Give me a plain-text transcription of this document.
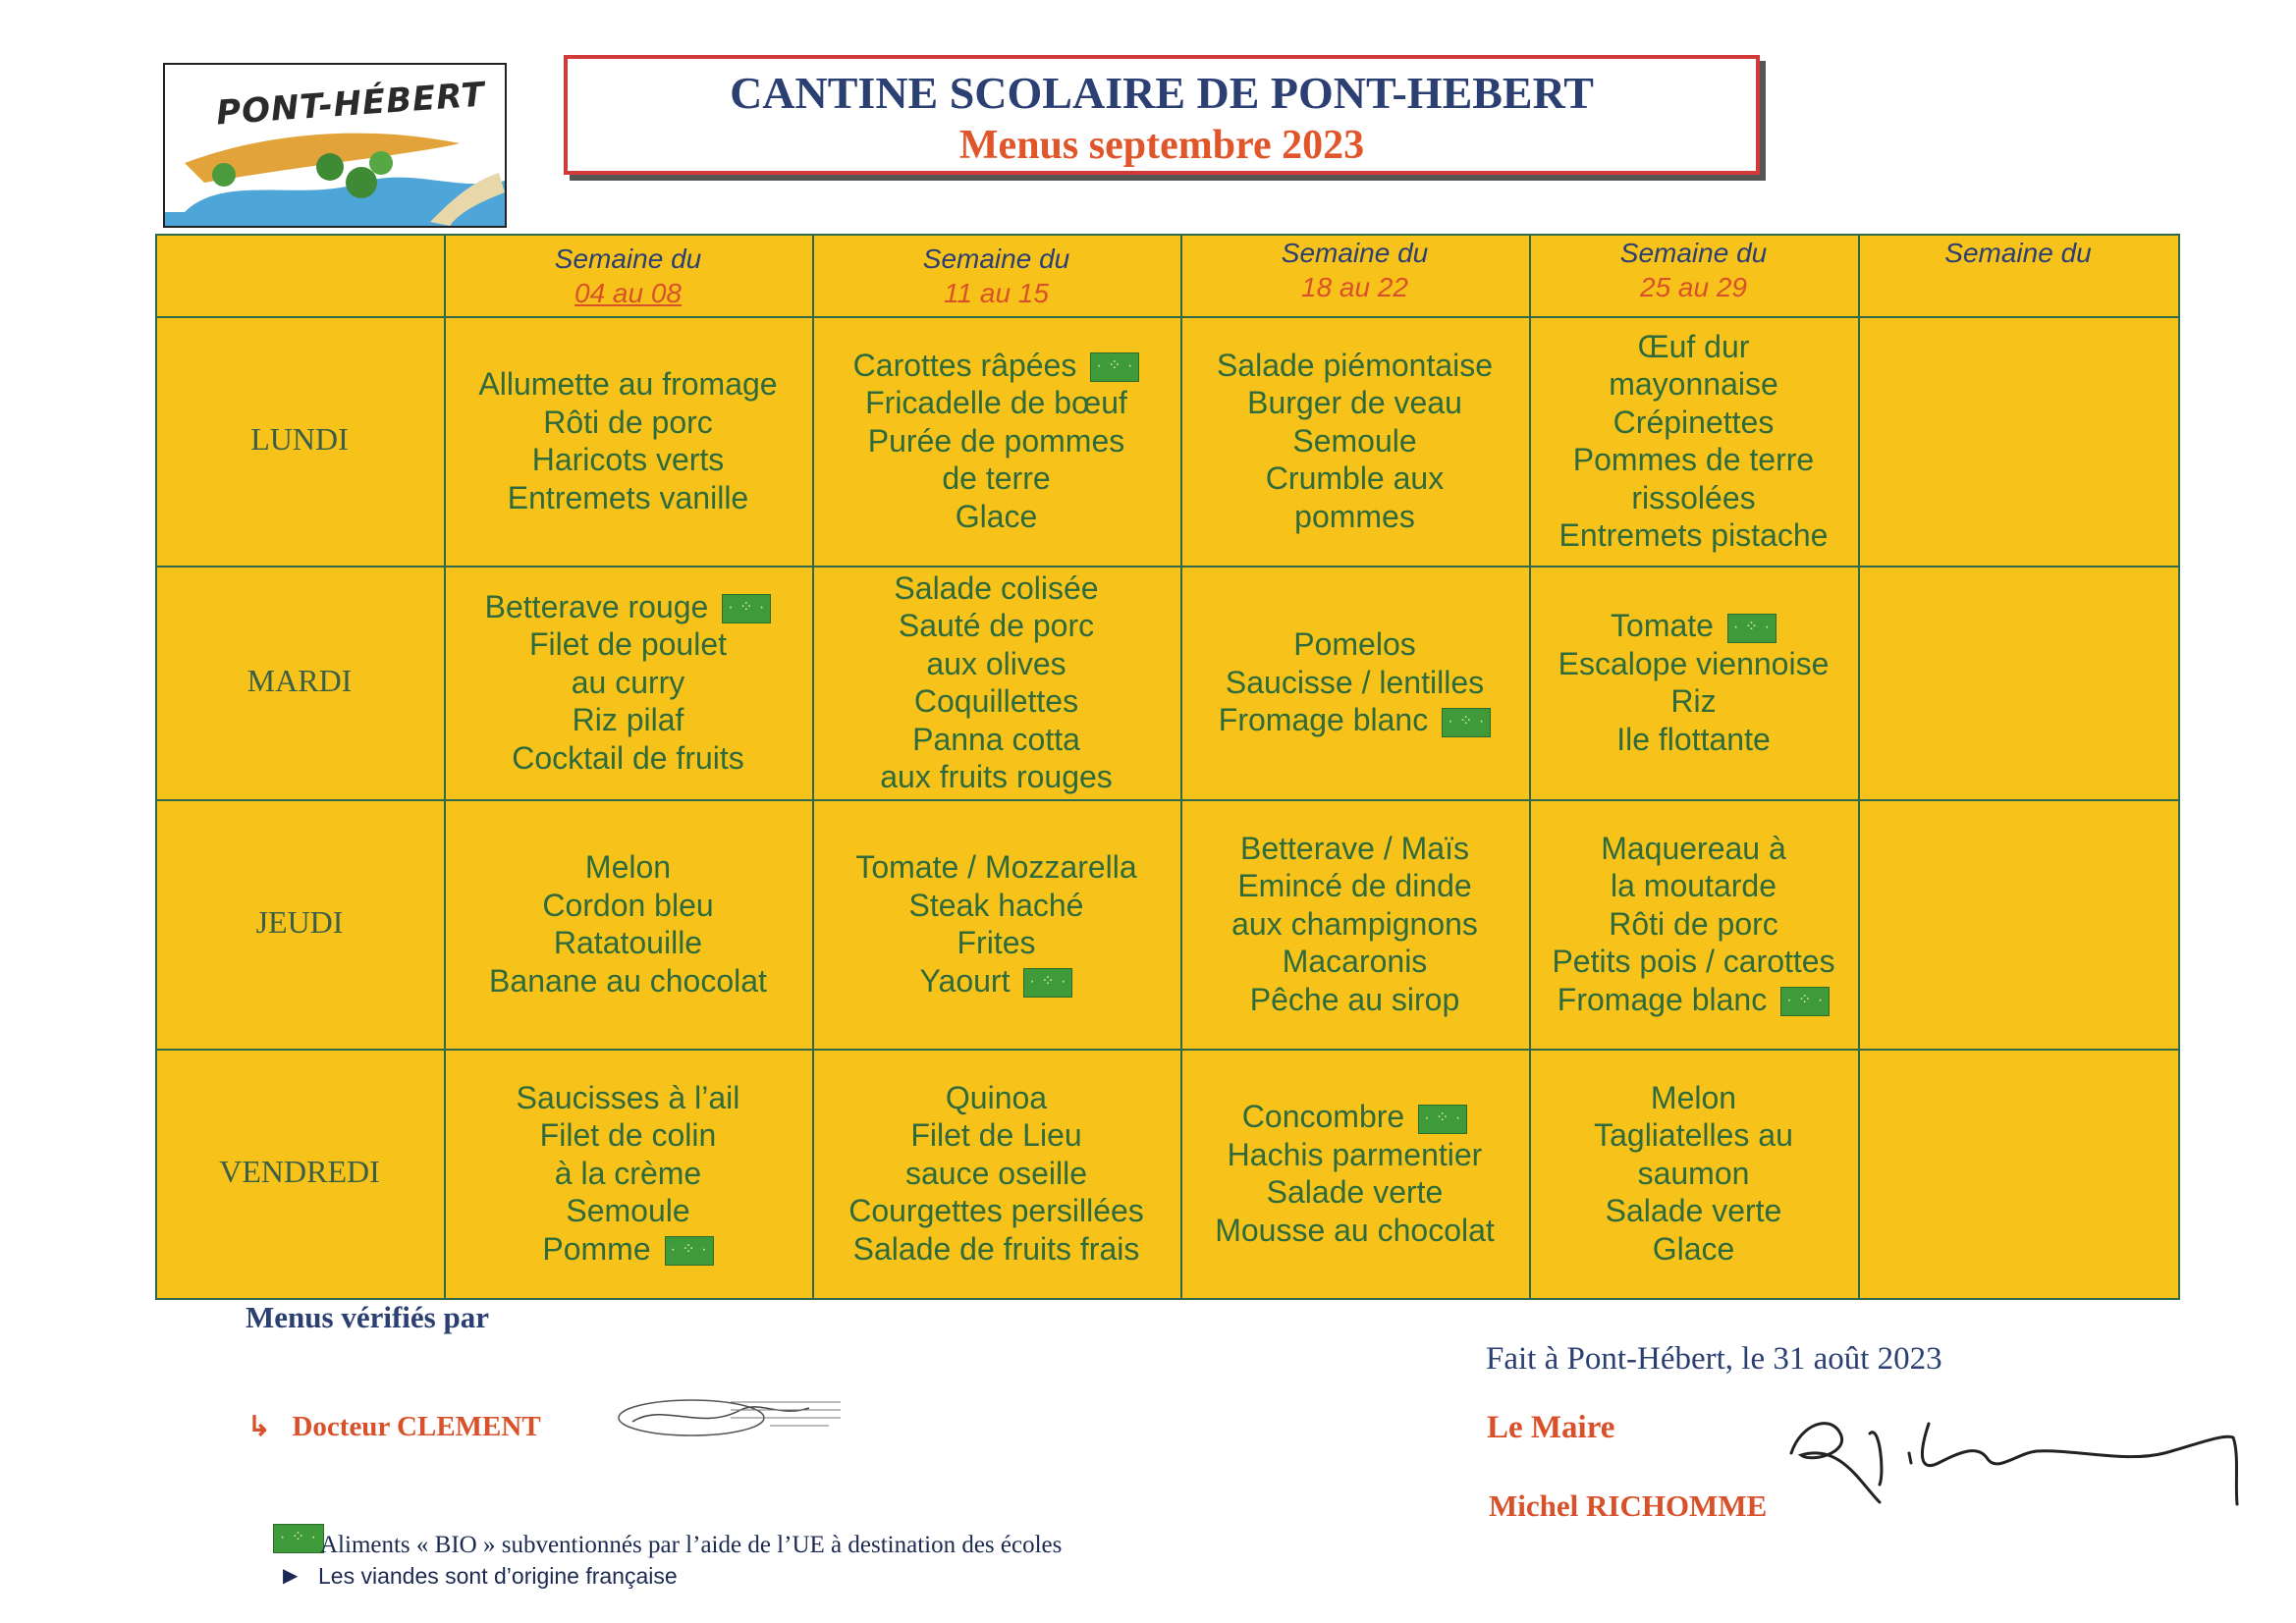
PONT-HÉBERT	CANTINE SCOLAIRE DE PONT-HEBERT
Menus septembre 2023
Semaine du
04 au 08
Semaine du
11 au 15
Semaine du
18 au 22
Semaine du
25 au 29
Semaine du
LUNDI
Allumette au fromage
Rôti de porc
Haricots verts
Entremets vanille
Carottes râpées· ⁘ ·
Fricadelle de bœuf
Purée de pommes
de terre
Glace
Salade piémontaise
Burger de veau
Semoule
Crumble aux
pommes
Œuf dur
mayonnaise
Crépinettes
Pommes de terre
rissolées
Entremets pistache
MARDI
Betterave rouge· ⁘ ·
Filet de poulet
au curry
Riz pilaf
Cocktail de fruits
Salade colisée
Sauté de porc
aux olives
Coquillettes
Panna cotta
aux fruits rouges
Pomelos
Saucisse / lentilles
Fromage blanc· ⁘ ·
Tomate· ⁘ ·
Escalope viennoise
Riz
Ile flottante
JEUDI
Melon
Cordon bleu
Ratatouille
Banane au chocolat
Tomate / Mozzarella
Steak haché
Frites
Yaourt· ⁘ ·
Betterave / Maïs
Emincé de dinde
aux champignons
Macaronis
Pêche au sirop
Maquereau à
la moutarde
Rôti de porc
Petits pois / carottes
Fromage blanc· ⁘ ·
VENDREDI
Saucisses à l’ail
Filet de colin
à la crème
Semoule
Pomme· ⁘ ·
Quinoa
Filet de Lieu
sauce oseille
Courgettes persillées
Salade de fruits frais
Concombre· ⁘ ·
Hachis parmentier
Salade verte
Mousse au chocolat
Melon
Tagliatelles au
saumon
Salade verte
Glace
Menus vérifiés par
↳ Docteur CLEMENT
Fait à Pont-Hébert, le 31 août 2023
Le Maire
Michel RICHOMME
· ⁘ ·
Aliments « BIO » subventionnés par l’aide de l’UE à destination des écoles
▶ Les viandes sont d’origine française
